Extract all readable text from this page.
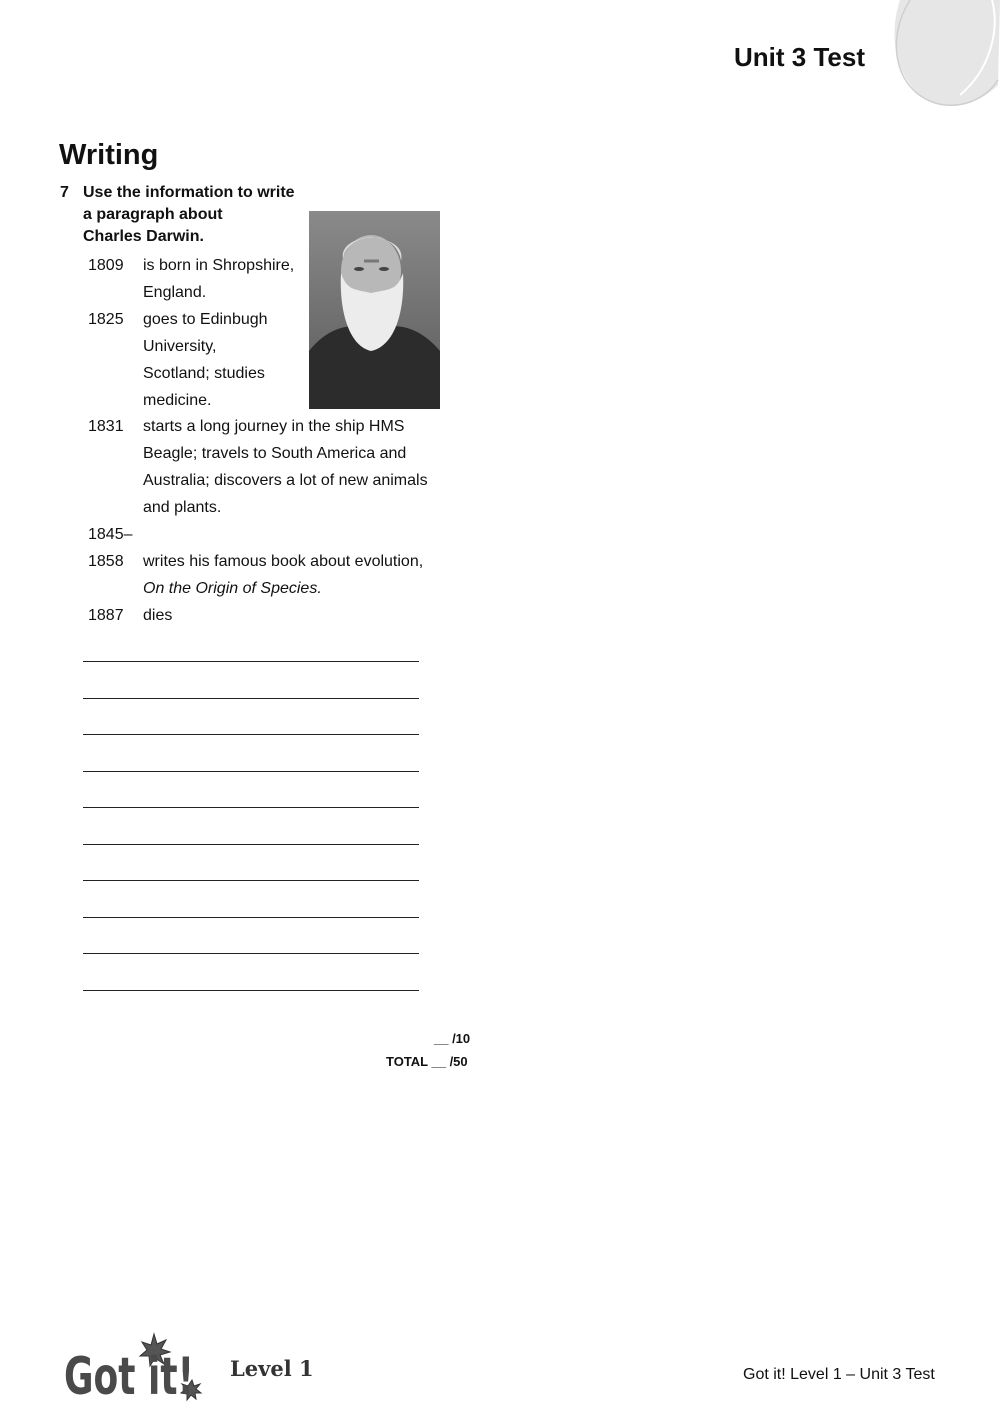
Unit 3 Test
Writing
7 Use the information to write
a paragraph about
Charles Darwin.
1809 is born in Shropshire,
England.
1825 goes to Edinbugh
University,
Scotland; studies
medicine.
1831 starts a long journey in the ship HMS
Beagle; travels to South America and
Australia; discovers a lot of new animals
and plants.
1845–
1858 writes his famous book about evolution,
On the Origin of Species.
1887 dies
__ /10
TOTAL __ /50
Got it! Level 1	Got it! Level 1 – Unit 3 Test
